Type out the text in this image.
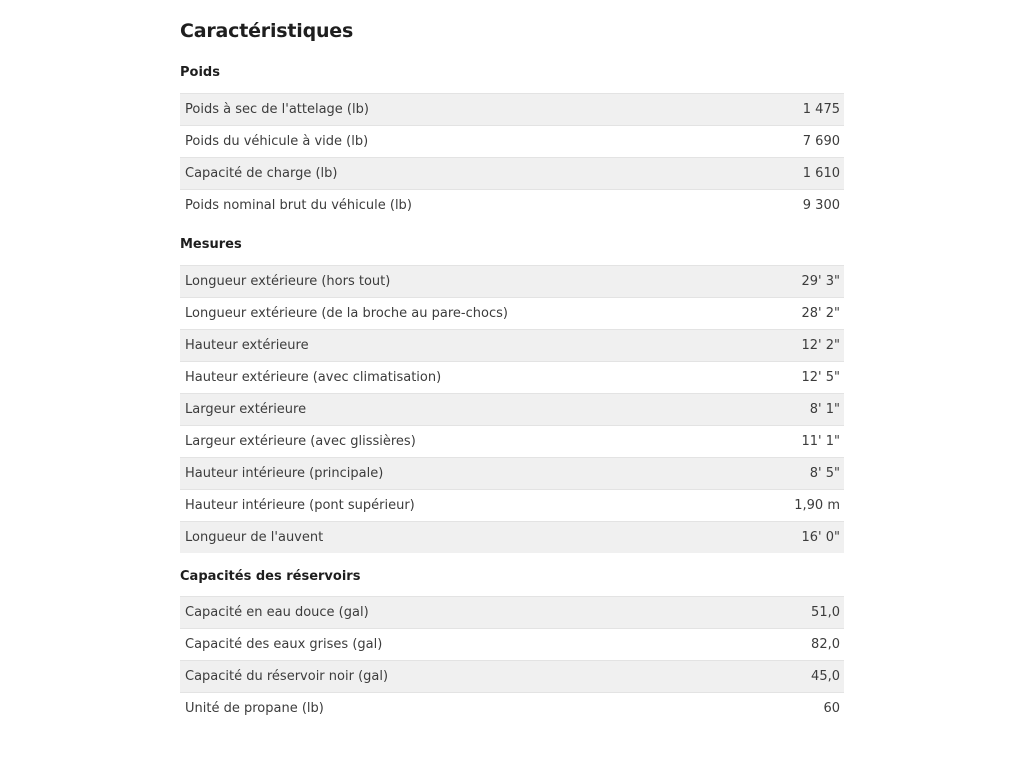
Caractéristiques
Poids
Poids à sec de l'attelage (lb)	1 475
Poids du véhicule à vide (lb)	7 690
Capacité de charge (lb)	1 610
Poids nominal brut du véhicule (lb)	9 300
Mesures
Longueur extérieure (hors tout)	29' 3"
Longueur extérieure (de la broche au pare-chocs)	28' 2"
Hauteur extérieure	12' 2"
Hauteur extérieure (avec climatisation)	12' 5"
Largeur extérieure	8' 1"
Largeur extérieure (avec glissières)	11' 1"
Hauteur intérieure (principale)	8' 5"
Hauteur intérieure (pont supérieur)	1,90 m
Longueur de l'auvent	16' 0"
Capacités des réservoirs
Capacité en eau douce (gal)	51,0
Capacité des eaux grises (gal)	82,0
Capacité du réservoir noir (gal)	45,0
Unité de propane (lb)	60
